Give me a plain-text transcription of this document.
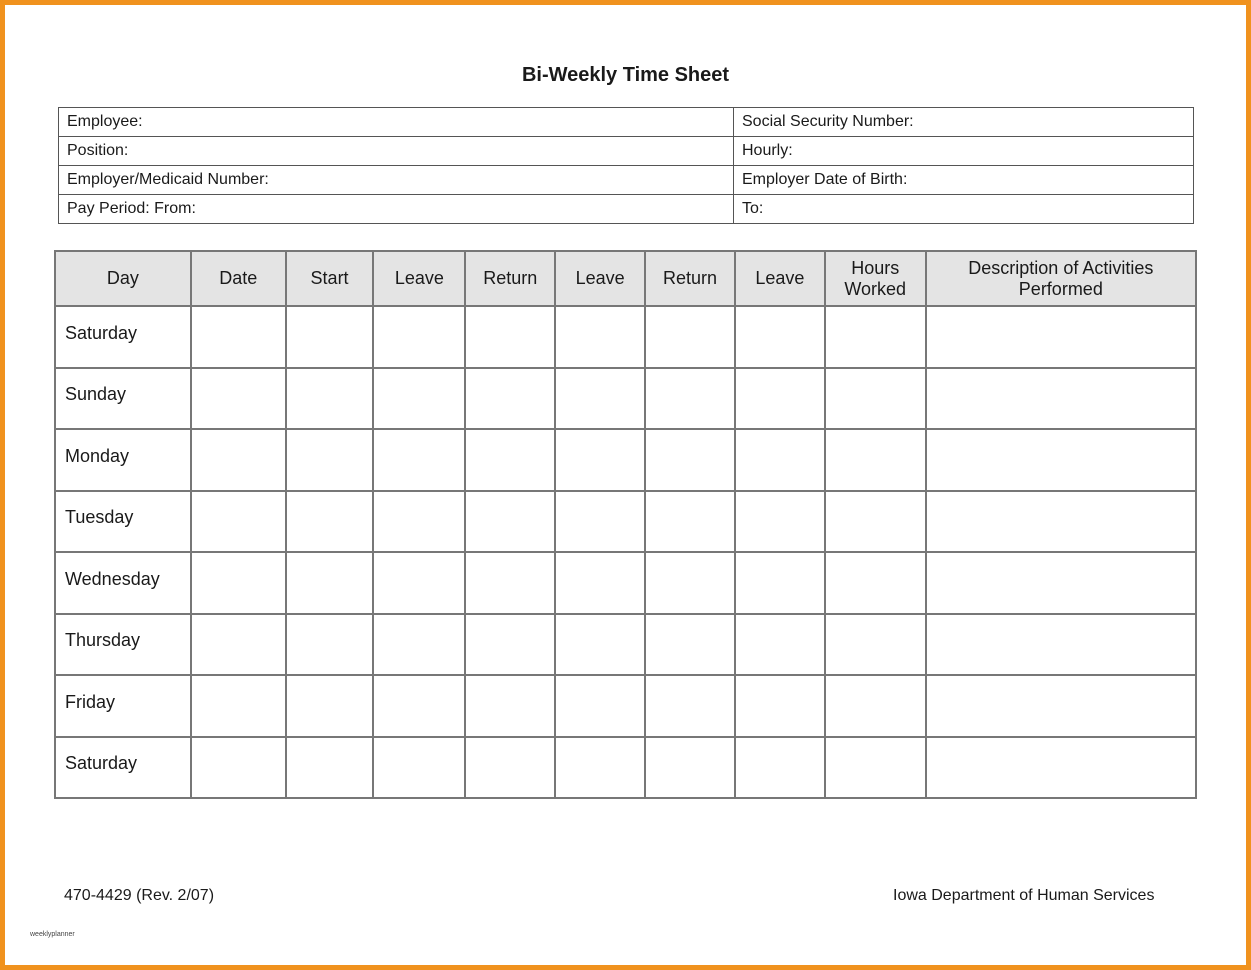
Bi-Weekly Time Sheet
Employee:	Social Security Number:
Position:	Hourly:
Employer/Medicaid Number:	Employer Date of Birth:
Pay Period: From:	To:
Day	Date	Start	Leave	Return	Leave	Return	Leave	Hours Worked	Description of Activities Performed
Saturday									
Sunday									
Monday									
Tuesday									
Wednesday									
Thursday									
Friday									
Saturday									
470-4429 (Rev. 2/07)	Iowa Department of Human Services
weeklyplanner
